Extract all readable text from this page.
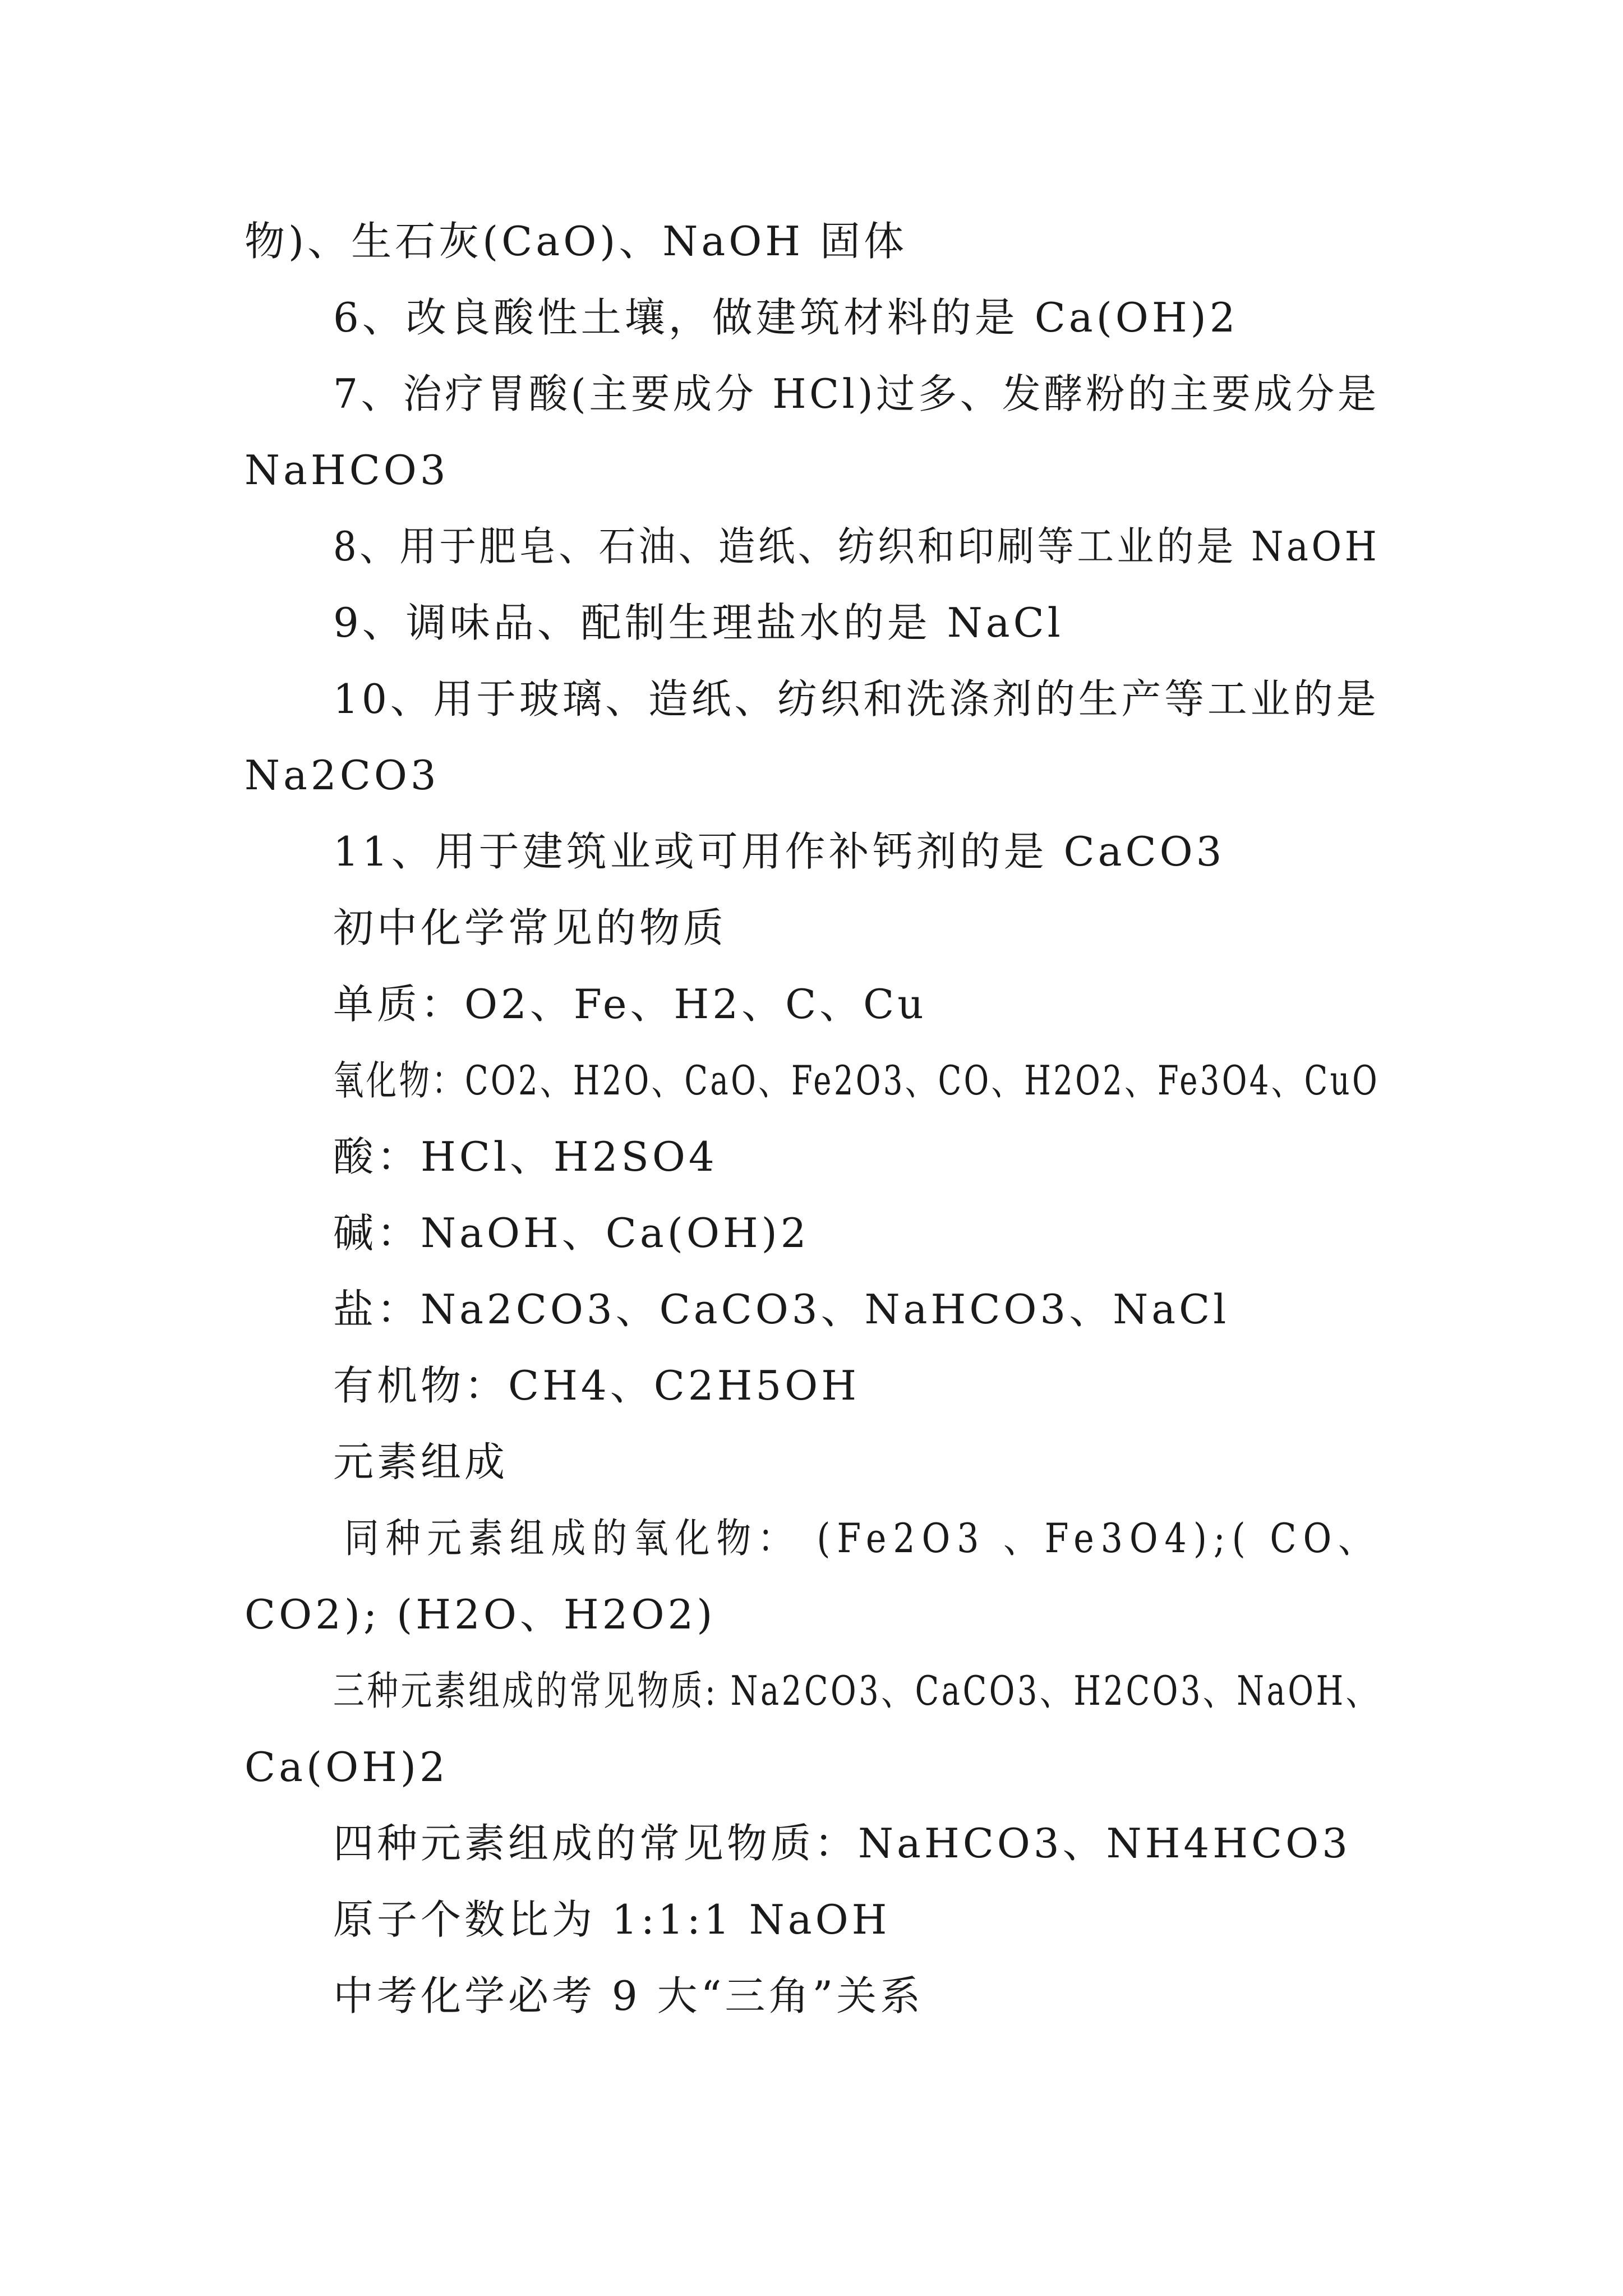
物)、生石灰(CaO)、NaOH 固体
6、改良酸性土壤，做建筑材料的是 Ca(OH)2
7、治疗胃酸(主要成分 HCl)过多、发酵粉的主要成分是
NaHCO3
8、用于肥皂、石油、造纸、纺织和印刷等工业的是 NaOH
9、调味品、配制生理盐水的是 NaCl
10、用于玻璃、造纸、纺织和洗涤剂的生产等工业的是
Na2CO3
11、用于建筑业或可用作补钙剂的是 CaCO3
初中化学常见的物质
单质：O2、Fe、H2、C、Cu
氧化物：CO2、H2O、CaO、Fe2O3、CO、H2O2、Fe3O4、CuO
酸：HCl、H2SO4
碱：NaOH、Ca(OH)2
盐：Na2CO3、CaCO3、NaHCO3、NaCl
有机物：CH4、C2H5OH
元素组成
同种元素组成的氧化物： (Fe2O3 、Fe3O4);( CO、
CO2); (H2O、H2O2)
三种元素组成的常见物质: Na2CO3、CaCO3、H2CO3、NaOH、
Ca(OH)2
四种元素组成的常见物质：NaHCO3、NH4HCO3
原子个数比为 1:1:1 NaOH
中考化学必考 9 大“三角”关系
